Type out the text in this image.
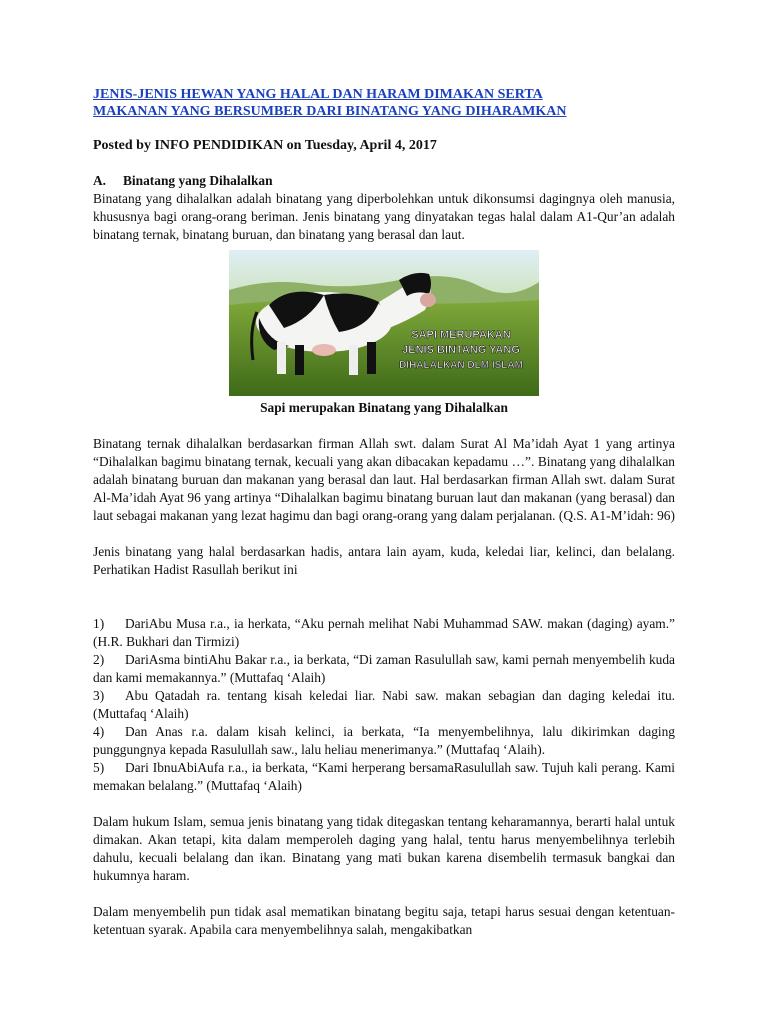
JENIS-JENIS HEWAN YANG HALAL DAN HARAM DIMAKAN SERTA
MAKANAN YANG BERSUMBER DARI BINATANG YANG DIHARAMKAN
Posted by INFO PENDIDIKAN on Tuesday, April 4, 2017
A. Binatang yang Dihalalkan

Binatang yang dihalalkan adalah binatang yang diperbolehkan untuk dikonsumsi dagingnya oleh manusia, khususnya bagi orang-orang beriman. Jenis binatang yang dinyatakan tegas halal dalam A1-Qur’an adalah binatang ternak, binatang buruan, dan binatang yang berasal dan laut.

SAPI MERUPAKAN
JENIS BINTANG YANG
DIHALALKAN DLM ISLAM
Sapi merupakan Binatang yang Dihalalkan

Binatang ternak dihalalkan berdasarkan firman Allah swt. dalam Surat Al Ma’idah Ayat 1 yang artinya “Dihalalkan bagimu binatang ternak, kecuali yang akan dibacakan kepadamu …”. Binatang yang dihalalkan adalah binatang buruan dan makanan yang berasal dan laut. Hal berdasarkan firman Allah swt. dalam Surat Al-Ma’idah Ayat 96 yang artinya “Dihalalkan bagimu binatang buruan laut dan makanan (yang berasal) dan laut sebagai makanan yang lezat hagimu dan bagi orang-orang yang dalam perjalanan. (Q.S. A1-M’idah: 96)

Jenis binatang yang halal berdasarkan hadis, antara lain ayam, kuda, keledai liar, kelinci, dan belalang. Perhatikan Hadist Rasullah berikut ini

1) DariAbu Musa r.a., ia herkata, “Aku pernah melihat Nabi Muhammad SAW. makan (daging) ayam.” (H.R. Bukhari dan Tirmizi)

2) DariAsma bintiAhu Bakar r.a., ia berkata, “Di zaman Rasulullah saw, kami pernah menyembelih kuda dan kami memakannya.” (Muttafaq ‘Alaih)

3) Abu Qatadah ra. tentang kisah keledai liar. Nabi saw. makan sebagian dan daging keledai itu. (Muttafaq ‘Alaih)

4) Dan Anas r.a. dalam kisah kelinci, ia berkata, “Ia menyembelihnya, lalu dikirimkan daging punggungnya kepada Rasulullah saw., lalu heliau menerimanya.” (Muttafaq ‘Alaih).

5) Dari IbnuAbiAufa r.a., ia berkata, “Kami herperang bersamaRasulullah saw. Tujuh kali perang. Kami memakan belalang.” (Muttafaq ‘Alaih)

Dalam hukum Islam, semua jenis binatang yang tidak ditegaskan tentang keharamannya, berarti halal untuk dimakan. Akan tetapi, kita dalam memperoleh daging yang halal, tentu harus menyembelihnya terlebih dahulu, kecuali belalang dan ikan. Binatang yang mati bukan karena disembelih termasuk bangkai dan hukumnya haram.

Dalam menyembelih pun tidak asal mematikan binatang begitu saja, tetapi harus sesuai dengan ketentuan-ketentuan syarak. Apabila cara menyembelihnya salah, mengakibatkan
